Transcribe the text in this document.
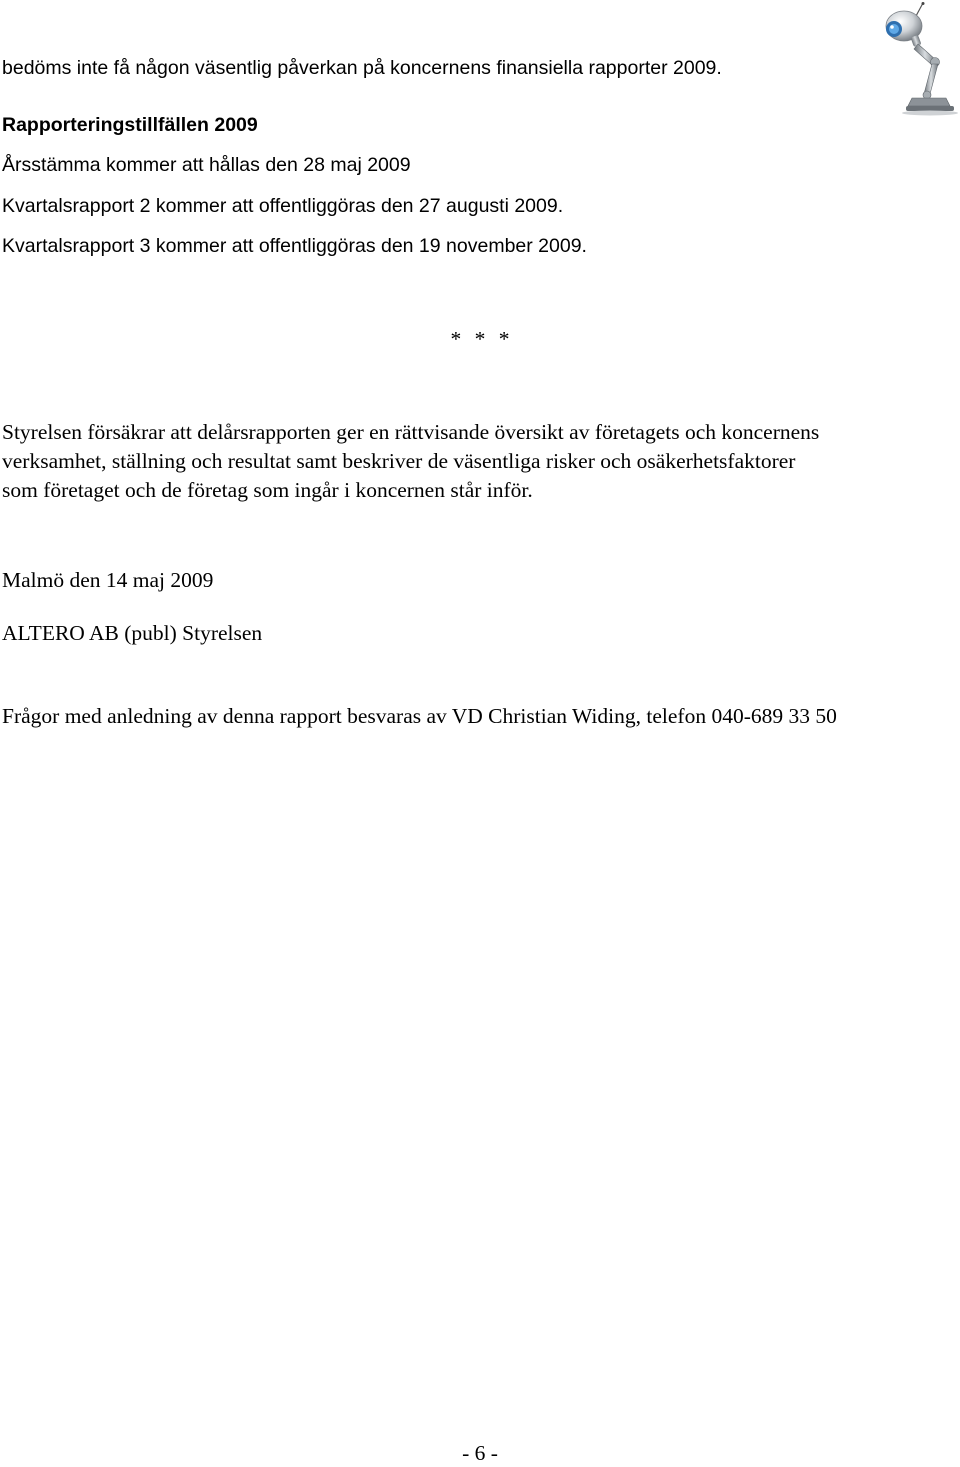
bedöms inte få någon väsentlig påverkan på koncernens finansiella rapporter 2009.
Rapporteringstillfällen 2009
Årsstämma kommer att hållas den 28 maj 2009
Kvartalsrapport 2 kommer att offentliggöras den 27 augusti 2009.
Kvartalsrapport 3 kommer att offentliggöras den 19 november 2009.
* * *
Styrelsen försäkrar att delårsrapporten ger en rättvisande översikt av företagets och koncernens
verksamhet, ställning och resultat samt beskriver de väsentliga risker och osäkerhetsfaktorer
som företaget och de företag som ingår i koncernen står inför.
Malmö den 14 maj 2009
ALTERO AB (publ) Styrelsen
Frågor med anledning av denna rapport besvaras av VD Christian Widing, telefon 040-689 33 50
- 6 -
